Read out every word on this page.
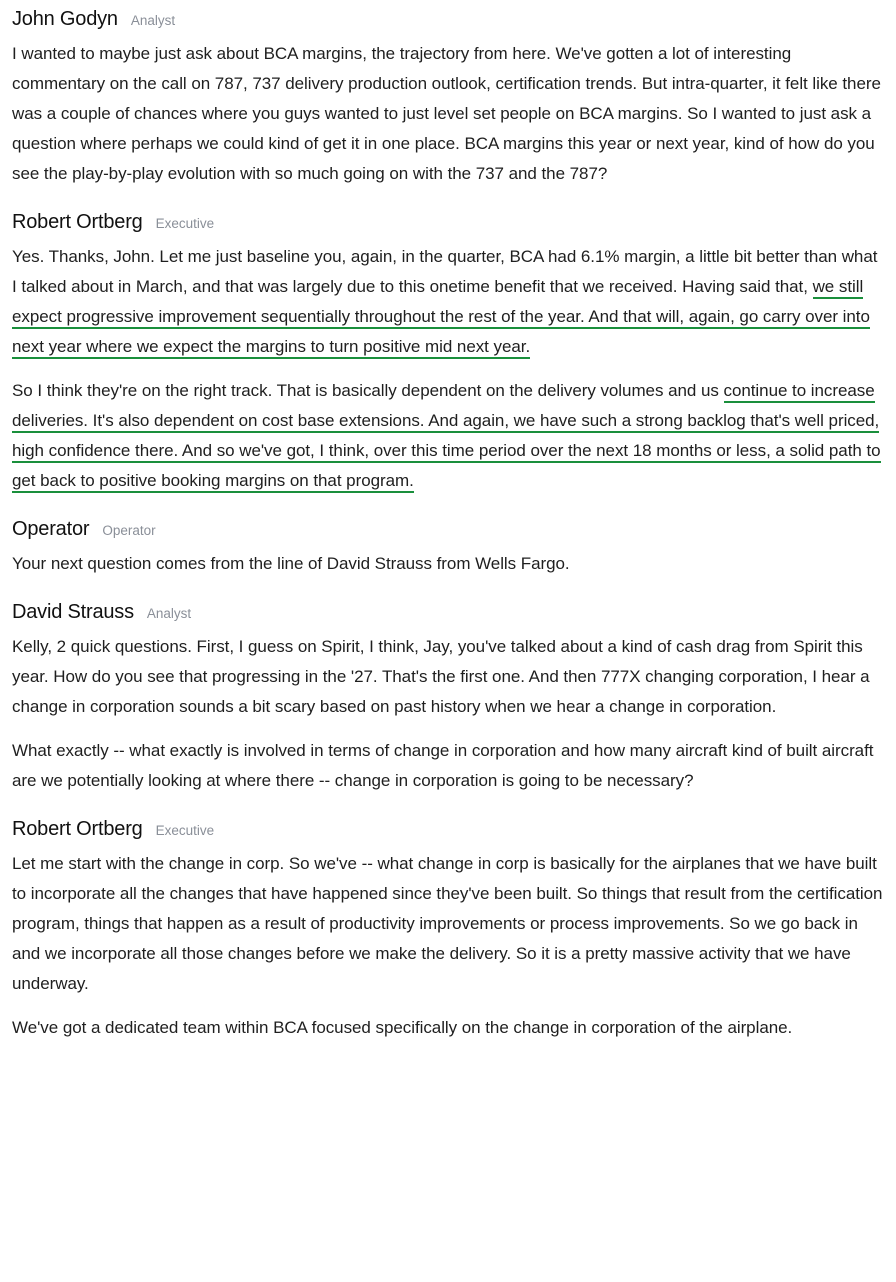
John Godyn Analyst

I wanted to maybe just ask about BCA margins, the trajectory from here. We've gotten a lot of interesting commentary on the call on 787, 737 delivery production outlook, certification trends. But intra-quarter, it felt like there was a couple of chances where you guys wanted to just level set people on BCA margins. So I wanted to just ask a question where perhaps we could kind of get it in one place. BCA margins this year or next year, kind of how do you see the play-by-play evolution with so much going on with the 737 and the 787?

Robert Ortberg Executive

Yes. Thanks, John. Let me just baseline you, again, in the quarter, BCA had 6.1% margin, a little bit better than what I talked about in March, and that was largely due to this onetime benefit that we received. Having said that, we still expect progressive improvement sequentially throughout the rest of the year. And that will, again, go carry over into next year where we expect the margins to turn positive mid next year.

So I think they're on the right track. That is basically dependent on the delivery volumes and us continue to increase deliveries. It's also dependent on cost base extensions. And again, we have such a strong backlog that's well priced, high confidence there. And so we've got, I think, over this time period over the next 18 months or less, a solid path to get back to positive booking margins on that program.

Operator Operator

Your next question comes from the line of David Strauss from Wells Fargo.

David Strauss Analyst

Kelly, 2 quick questions. First, I guess on Spirit, I think, Jay, you've talked about a kind of cash drag from Spirit this year. How do you see that progressing in the '27. That's the first one. And then 777X changing corporation, I hear a change in corporation sounds a bit scary based on past history when we hear a change in corporation.

What exactly -- what exactly is involved in terms of change in corporation and how many aircraft kind of built aircraft are we potentially looking at where there -- change in corporation is going to be necessary?

Robert Ortberg Executive

Let me start with the change in corp. So we've -- what change in corp is basically for the airplanes that we have built to incorporate all the changes that have happened since they've been built. So things that result from the certification program, things that happen as a result of productivity improvements or process improvements. So we go back in and we incorporate all those changes before we make the delivery. So it is a pretty massive activity that we have underway.

We've got a dedicated team within BCA focused specifically on the change in corporation of the airplane.
